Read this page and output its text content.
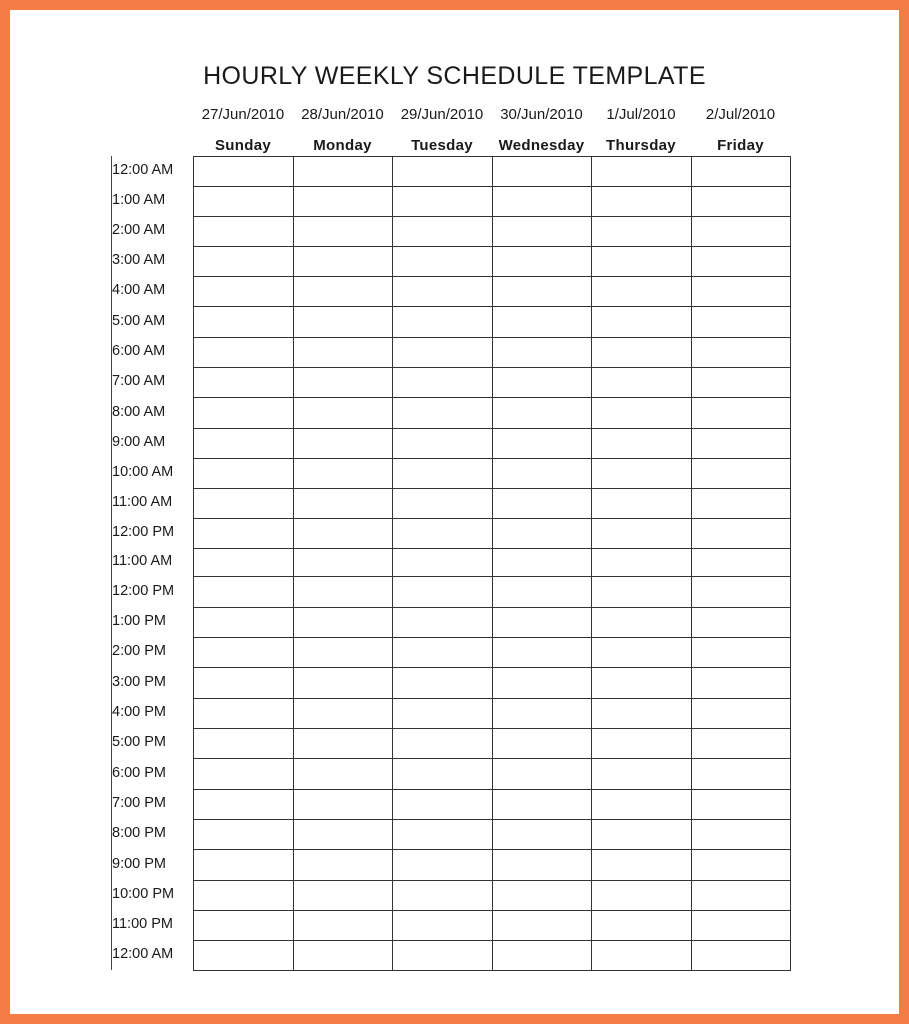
HOURLY WEEKLY SCHEDULE TEMPLATE
27/Jun/2010
Sunday
28/Jun/2010
Monday
29/Jun/2010
Tuesday
30/Jun/2010
Wednesday
1/Jul/2010
Thursday
2/Jul/2010
Friday
12:00 AM
1:00 AM
2:00 AM
3:00 AM
4:00 AM
5:00 AM
6:00 AM
7:00 AM
8:00 AM
9:00 AM
10:00 AM
11:00 AM
12:00 PM
11:00 AM
12:00 PM
1:00 PM
2:00 PM
3:00 PM
4:00 PM
5:00 PM
6:00 PM
7:00 PM
8:00 PM
9:00 PM
10:00 PM
11:00 PM
12:00 AM
